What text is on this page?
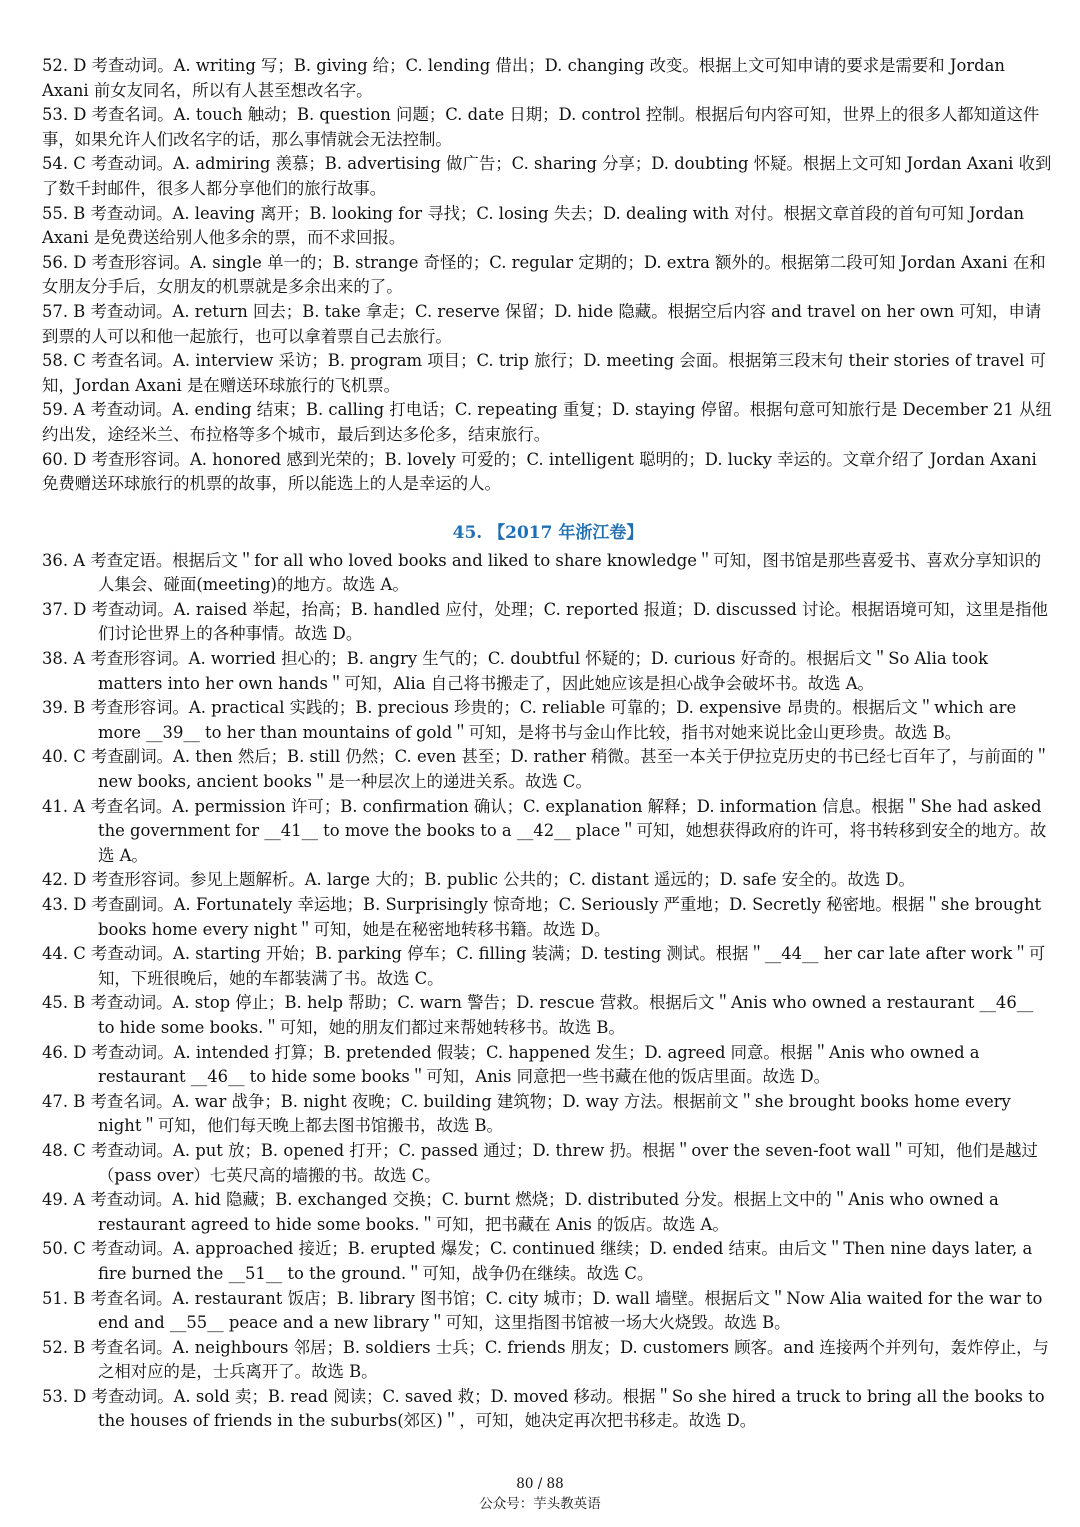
52. D 考查动词。A. writing 写；B. giving 给；C. lending 借出；D. changing 改变。根据上文可知申请的要求是需要和 Jordan Axani 前女友同名，所以有人甚至想改名字。

53. D 考查名词。A. touch 触动；B. question 问题；C. date 日期；D. control 控制。根据后句内容可知，世界上的很多人都知道这件事，如果允许人们改名字的话，那么事情就会无法控制。

54. C 考查动词。A. admiring 羡慕；B. advertising 做广告；C. sharing 分享；D. doubting 怀疑。根据上文可知 Jordan Axani 收到了数千封邮件，很多人都分享他们的旅行故事。

55. B 考查动词。A. leaving 离开；B. looking for 寻找；C. losing 失去；D. dealing with 对付。根据文章首段的首句可知 Jordan Axani 是免费送给别人他多余的票，而不求回报。

56. D 考查形容词。A. single 单一的；B. strange 奇怪的；C. regular 定期的；D. extra 额外的。根据第二段可知 Jordan Axani 在和女朋友分手后，女朋友的机票就是多余出来的了。

57. B 考查动词。A. return 回去；B. take 拿走；C. reserve 保留；D. hide 隐藏。根据空后内容 and travel on her own 可知，申请到票的人可以和他一起旅行，也可以拿着票自己去旅行。

58. C 考查名词。A. interview 采访；B. program 项目；C. trip 旅行；D. meeting 会面。根据第三段末句 their stories of travel 可知，Jordan Axani 是在赠送环球旅行的飞机票。

59. A 考查动词。A. ending 结束；B. calling 打电话；C. repeating 重复；D. staying 停留。根据句意可知旅行是 December 21 从纽约出发，途经米兰、布拉格等多个城市，最后到达多伦多，结束旅行。

60. D 考查形容词。A. honored 感到光荣的；B. lovely 可爱的；C. intelligent 聪明的；D. lucky 幸运的。文章介绍了 Jordan Axani 免费赠送环球旅行的机票的故事，所以能选上的人是幸运的人。

45. 【2017 年浙江卷】

36. A 考查定语。根据后文＂for all who loved books and liked to share knowledge＂可知，图书馆是那些喜爱书、喜欢分享知识的人集会、碰面(meeting)的地方。故选 A。

37. D 考查动词。A. raised 举起，抬高；B. handled 应付，处理；C. reported 报道；D. discussed 讨论。根据语境可知，这里是指他们讨论世界上的各种事情。故选 D。

38. A 考查形容词。A. worried 担心的；B. angry 生气的；C. doubtful 怀疑的；D. curious 好奇的。根据后文＂So Alia took matters into her own hands＂可知，Alia 自己将书搬走了，因此她应该是担心战争会破坏书。故选 A。

39. B 考查形容词。A. practical 实践的；B. precious 珍贵的；C. reliable 可靠的；D. expensive 昂贵的。根据后文＂which are more __39__ to her than mountains of gold＂可知，是将书与金山作比较，指书对她来说比金山更珍贵。故选 B。

40. C 考查副词。A. then 然后；B. still 仍然；C. even 甚至；D. rather 稍微。甚至一本关于伊拉克历史的书已经七百年了，与前面的＂new books, ancient books＂是一种层次上的递进关系。故选 C。

41. A 考查名词。A. permission 许可；B. confirmation 确认；C. explanation 解释；D. information 信息。根据＂She had asked the government for __41__ to move the books to a __42__ place＂可知，她想获得政府的许可，将书转移到安全的地方。故选 A。

42. D 考查形容词。参见上题解析。A. large 大的；B. public 公共的；C. distant 遥远的；D. safe 安全的。故选 D。

43. D 考查副词。A. Fortunately 幸运地；B. Surprisingly 惊奇地；C. Seriously 严重地；D. Secretly 秘密地。根据＂she brought books home every night＂可知，她是在秘密地转移书籍。故选 D。

44. C 考查动词。A. starting 开始；B. parking 停车；C. filling 装满；D. testing 测试。根据＂__44__ her car late after work＂可知，下班很晚后，她的车都装满了书。故选 C。

45. B 考查动词。A. stop 停止；B. help 帮助；C. warn 警告；D. rescue 营救。根据后文＂Anis who owned a restaurant __46__ to hide some books.＂可知，她的朋友们都过来帮她转移书。故选 B。

46. D 考查动词。A. intended 打算；B. pretended 假装；C. happened 发生；D. agreed 同意。根据＂Anis who owned a restaurant __46__ to hide some books＂可知，Anis 同意把一些书藏在他的饭店里面。故选 D。

47. B 考查名词。A. war 战争；B. night 夜晚；C. building 建筑物；D. way 方法。根据前文＂she brought books home every night＂可知，他们每天晚上都去图书馆搬书，故选 B。

48. C 考查动词。A. put 放；B. opened 打开；C. passed 通过；D. threw 扔。根据＂over the seven-foot wall＂可知，他们是越过（pass over）七英尺高的墙搬的书。故选 C。

49. A 考查动词。A. hid 隐藏；B. exchanged 交换；C. burnt 燃烧；D. distributed 分发。根据上文中的＂Anis who owned a restaurant agreed to hide some books.＂可知，把书藏在 Anis 的饭店。故选 A。

50. C 考查动词。A. approached 接近；B. erupted 爆发；C. continued 继续；D. ended 结束。由后文＂Then nine days later, a fire burned the __51__ to the ground.＂可知，战争仍在继续。故选 C。

51. B 考查名词。A. restaurant 饭店；B. library 图书馆；C. city 城市；D. wall 墙壁。根据后文＂Now Alia waited for the war to end and __55__ peace and a new library＂可知，这里指图书馆被一场大火烧毁。故选 B。

52. B 考查名词。A. neighbours 邻居；B. soldiers 士兵；C. friends 朋友；D. customers 顾客。and 连接两个并列句，轰炸停止，与之相对应的是，士兵离开了。故选 B。

53. D 考查动词。A. sold 卖；B. read 阅读；C. saved 救；D. moved 移动。根据＂So she hired a truck to bring all the books to the houses of friends in the suburbs(郊区)＂，可知，她决定再次把书移走。故选 D。

80 / 88
公众号：芋头教英语
